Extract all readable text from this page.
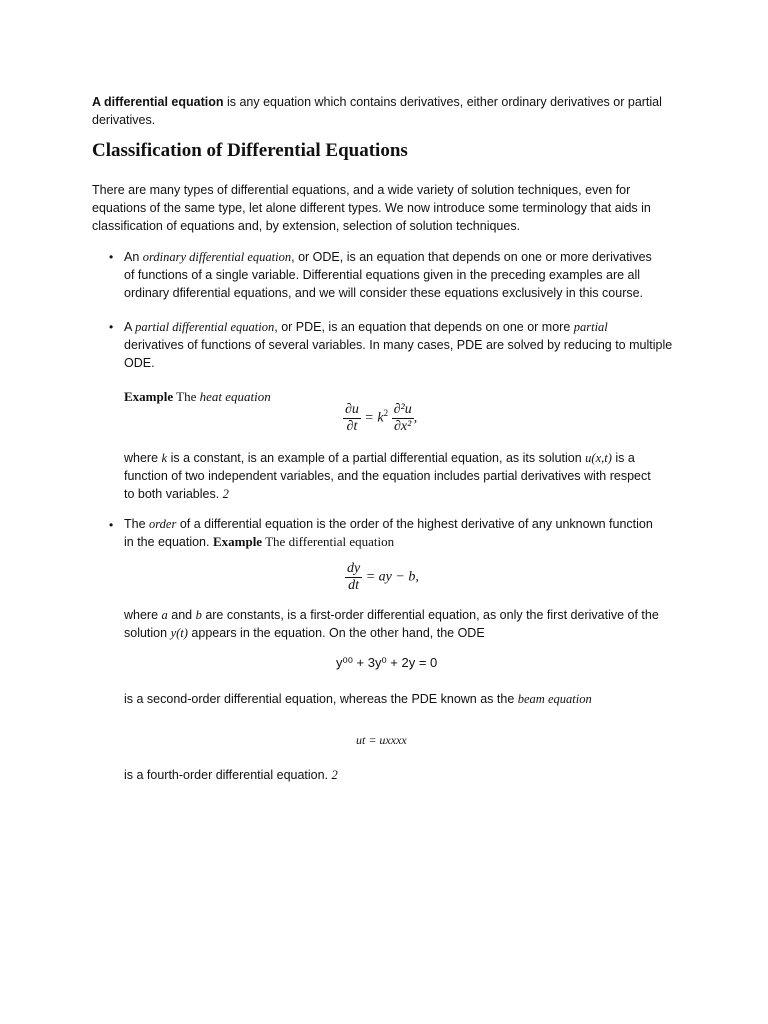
A differential equation is any equation which contains derivatives, either ordinary derivatives or partial

derivatives.

Classification of Differential Equations

There are many types of differential equations, and a wide variety of solution techniques, even for

equations of the same type, let alone different types. We now introduce some terminology that aids in

classification of equations and, by extension, selection of solution techniques.

• An ordinary differential equation, or ODE, is an equation that depends on one or more derivatives

of functions of a single variable. Differential equations given in the preceding examples are all

ordinary dfiferential equations, and we will consider these equations exclusively in this course.

• A partial differential equation, or PDE, is an equation that depends on one or more partial

derivatives of functions of several variables. In many cases, PDE are solved by reducing to multiple

ODE.

Example The heat equation

$\frac{\partial u}{\partial t} = k^2 \frac{\text{∂²u}}{\text{∂x²}}$ ,

where k is a constant, is an example of a partial differential equation, as its solution u(x,t) is a

function of two independent variables, and the equation includes partial derivatives with respect

to both variables. 2

• The order of a differential equation is the order of the highest derivative of any unknown function

in the equation. Example The differential equation

$\frac{dy}{dt}$ = ay − b,

where a and b are constants, is a first-order differential equation, as only the first derivative of the

solution y(t) appears in the equation. On the other hand, the ODE

y⁰⁰ + 3y⁰ + 2y = 0

is a second-order differential equation, whereas the PDE known as the beam equation

ut = uxxxx

is a fourth-order differential equation. 2
